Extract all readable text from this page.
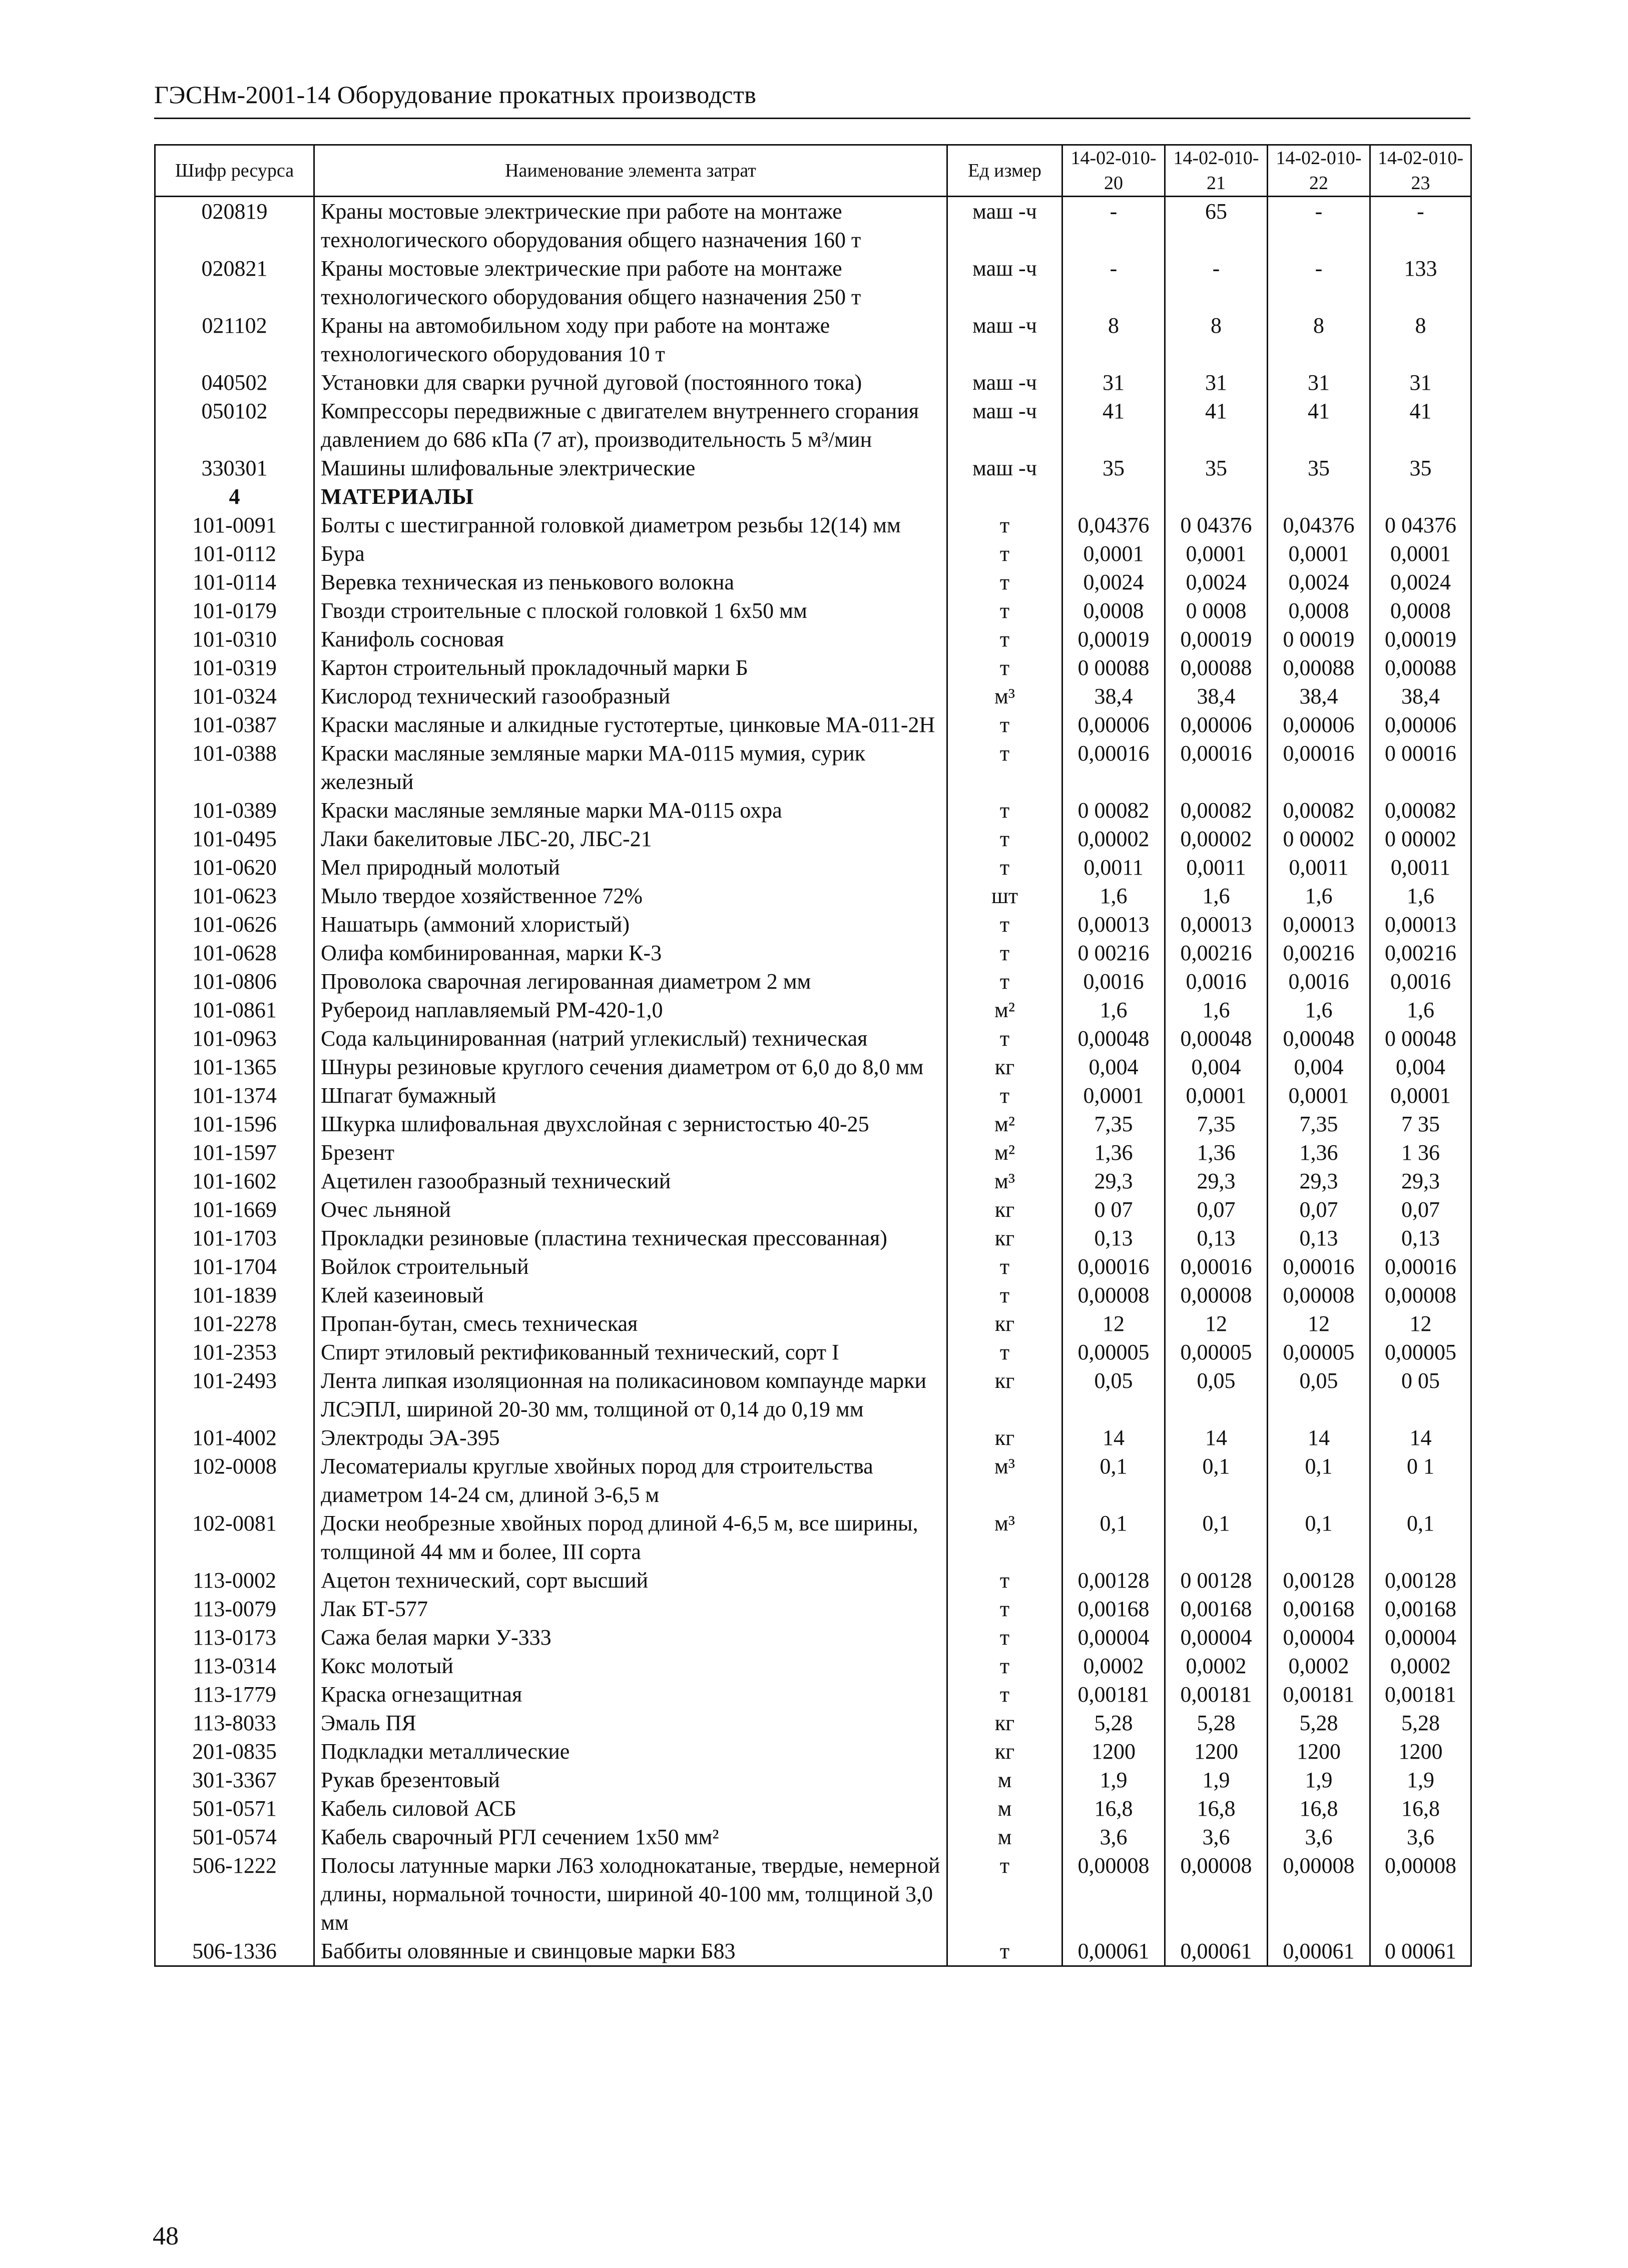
ГЭСНм-2001-14 Оборудование прокатных производств
Шифр ресурса	Наименование элемента затрат	Ед измер	14-02-010-20	14-02-010-21	14-02-010-22	14-02-010-23
020819	Краны мостовые электрические при работе на монтаже технологического оборудования общего назначения 160 т	маш -ч	-	65	-	-
020821	Краны мостовые электрические при работе на монтаже технологического оборудования общего назначения 250 т	маш -ч	-	-	-	133
021102	Краны на автомобильном ходу при работе на монтаже технологического оборудования 10 т	маш -ч	8	8	8	8
040502	Установки для сварки ручной дуговой (постоянного тока)	маш -ч	31	31	31	31
050102	Компрессоры передвижные с двигателем внутреннего сгорания давлением до 686 кПа (7 ат), производительность 5 м³/мин	маш -ч	41	41	41	41
330301	Машины шлифовальные электрические	маш -ч	35	35	35	35
4	МАТЕРИАЛЫ					
101-0091	Болты с шестигранной головкой диаметром резьбы 12(14) мм	т	0,04376	0 04376	0,04376	0 04376
101-0112	Бура	т	0,0001	0,0001	0,0001	0,0001
101-0114	Веревка техническая из пенькового волокна	т	0,0024	0,0024	0,0024	0,0024
101-0179	Гвозди строительные с плоской головкой 1 6х50 мм	т	0,0008	0 0008	0,0008	0,0008
101-0310	Канифоль сосновая	т	0,00019	0,00019	0 00019	0,00019
101-0319	Картон строительный прокладочный марки Б	т	0 00088	0,00088	0,00088	0,00088
101-0324	Кислород технический газообразный	м³	38,4	38,4	38,4	38,4
101-0387	Краски масляные и алкидные густотертые, цинковые МА-011-2Н	т	0,00006	0,00006	0,00006	0,00006
101-0388	Краски масляные земляные марки МА-0115 мумия, сурик железный	т	0,00016	0,00016	0,00016	0 00016
101-0389	Краски масляные земляные марки МА-0115 охра	т	0 00082	0,00082	0,00082	0,00082
101-0495	Лаки бакелитовые ЛБС-20, ЛБС-21	т	0,00002	0,00002	0 00002	0 00002
101-0620	Мел природный молотый	т	0,0011	0,0011	0,0011	0,0011
101-0623	Мыло твердое хозяйственное 72%	шт	1,6	1,6	1,6	1,6
101-0626	Нашатырь (аммоний хлористый)	т	0,00013	0,00013	0,00013	0,00013
101-0628	Олифа комбинированная, марки К-3	т	0 00216	0,00216	0,00216	0,00216
101-0806	Проволока сварочная легированная диаметром 2 мм	т	0,0016	0,0016	0,0016	0,0016
101-0861	Рубероид наплавляемый РМ-420-1,0	м²	1,6	1,6	1,6	1,6
101-0963	Сода кальцинированная (натрий углекислый) техническая	т	0,00048	0,00048	0,00048	0 00048
101-1365	Шнуры резиновые круглого сечения диаметром от 6,0 до 8,0 мм	кг	0,004	0,004	0,004	0,004
101-1374	Шпагат бумажный	т	0,0001	0,0001	0,0001	0,0001
101-1596	Шкурка шлифовальная двухслойная с зернистостью 40-25	м²	7,35	7,35	7,35	7 35
101-1597	Брезент	м²	1,36	1,36	1,36	1 36
101-1602	Ацетилен газообразный технический	м³	29,3	29,3	29,3	29,3
101-1669	Очес льняной	кг	0 07	0,07	0,07	0,07
101-1703	Прокладки резиновые (пластина техническая прессованная)	кг	0,13	0,13	0,13	0,13
101-1704	Войлок строительный	т	0,00016	0,00016	0,00016	0,00016
101-1839	Клей казеиновый	т	0,00008	0,00008	0,00008	0,00008
101-2278	Пропан-бутан, смесь техническая	кг	12	12	12	12
101-2353	Спирт этиловый ректификованный технический, сорт I	т	0,00005	0,00005	0,00005	0,00005
101-2493	Лента липкая изоляционная на поликасиновом компаунде марки ЛСЭПЛ, шириной 20-30 мм, толщиной от 0,14 до 0,19 мм	кг	0,05	0,05	0,05	0 05
101-4002	Электроды ЭА-395	кг	14	14	14	14
102-0008	Лесоматериалы круглые хвойных пород для строительства диаметром 14-24 см, длиной 3-6,5 м	м³	0,1	0,1	0,1	0 1
102-0081	Доски необрезные хвойных пород длиной 4-6,5 м, все ширины, толщиной 44 мм и более, III сорта	м³	0,1	0,1	0,1	0,1
113-0002	Ацетон технический, сорт высший	т	0,00128	0 00128	0,00128	0,00128
113-0079	Лак БТ-577	т	0,00168	0,00168	0,00168	0,00168
113-0173	Сажа белая марки У-333	т	0,00004	0,00004	0,00004	0,00004
113-0314	Кокс молотый	т	0,0002	0,0002	0,0002	0,0002
113-1779	Краска огнезащитная	т	0,00181	0,00181	0,00181	0,00181
113-8033	Эмаль ПЯ	кг	5,28	5,28	5,28	5,28
201-0835	Подкладки металлические	кг	1200	1200	1200	1200
301-3367	Рукав брезентовый	м	1,9	1,9	1,9	1,9
501-0571	Кабель силовой АСБ	м	16,8	16,8	16,8	16,8
501-0574	Кабель сварочный РГЛ сечением 1х50 мм²	м	3,6	3,6	3,6	3,6
506-1222	Полосы латунные марки Л63 холоднокатаные, твердые, немерной длины, нормальной точности, шириной 40-100 мм, толщиной 3,0 мм	т	0,00008	0,00008	0,00008	0,00008
506-1336	Баббиты оловянные и свинцовые марки Б83	т	0,00061	0,00061	0,00061	0 00061
48
